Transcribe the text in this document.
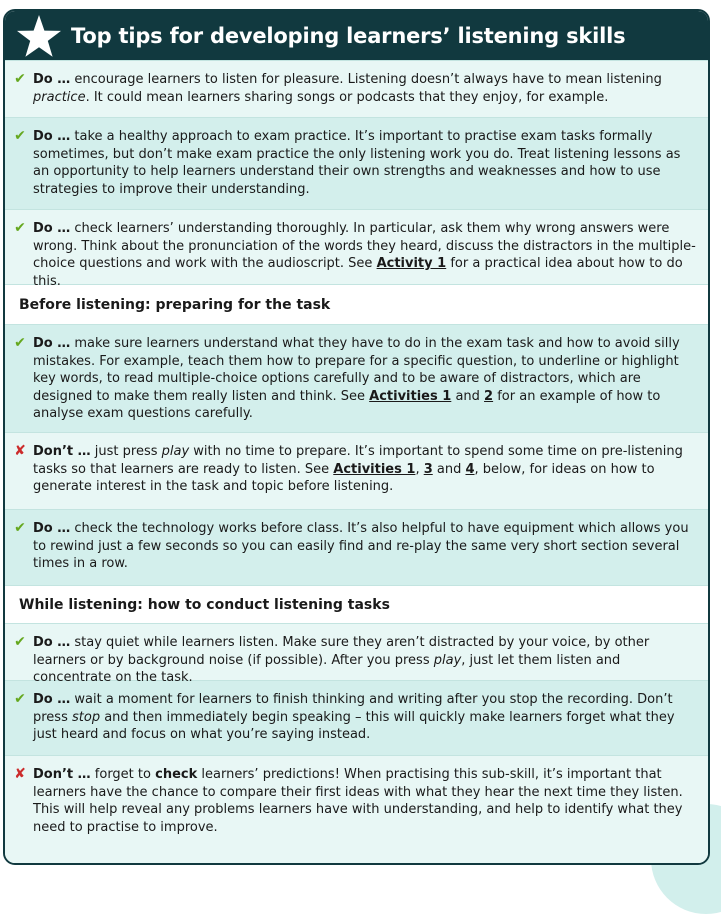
Top tips for developing learners’ listening skills
✔ Do … encourage learners to listen for pleasure. Listening doesn’t always have to mean listening practice. It could mean learners sharing songs or podcasts that they enjoy, for example.
✔ Do … take a healthy approach to exam practice. It’s important to practise exam tasks formally sometimes, but don’t make exam practice the only listening work you do. Treat listening lessons as an opportunity to help learners understand their own strengths and weaknesses and how to use strategies to improve their understanding.
✔ Do … check learners’ understanding thoroughly. In particular, ask them why wrong answers were wrong. Think about the pronunciation of the words they heard, discuss the distractors in the multiple-choice questions and work with the audioscript. See Activity 1 for a practical idea about how to do this.
Before listening: preparing for the task
✔ Do … make sure learners understand what they have to do in the exam task and how to avoid silly mistakes. For example, teach them how to prepare for a specific question, to underline or highlight key words, to read multiple-choice options carefully and to be aware of distractors, which are designed to make them really listen and think. See Activities 1 and 2 for an example of how to analyse exam questions carefully.
✘ Don’t … just press play with no time to prepare. It’s important to spend some time on pre-listening tasks so that learners are ready to listen. See Activities 1, 3 and 4, below, for ideas on how to generate interest in the task and topic before listening.
✔ Do … check the technology works before class. It’s also helpful to have equipment which allows you to rewind just a few seconds so you can easily find and re-play the same very short section several times in a row.
While listening: how to conduct listening tasks
✔ Do … stay quiet while learners listen. Make sure they aren’t distracted by your voice, by other learners or by background noise (if possible). After you press play, just let them listen and concentrate on the task.
✔ Do … wait a moment for learners to finish thinking and writing after you stop the recording. Don’t press stop and then immediately begin speaking – this will quickly make learners forget what they just heard and focus on what you’re saying instead.
✘ Don’t … forget to check learners’ predictions! When practising this sub-skill, it’s important that learners have the chance to compare their first ideas with what they hear the next time they listen. This will help reveal any problems learners have with understanding, and help to identify what they need to practise to improve.
